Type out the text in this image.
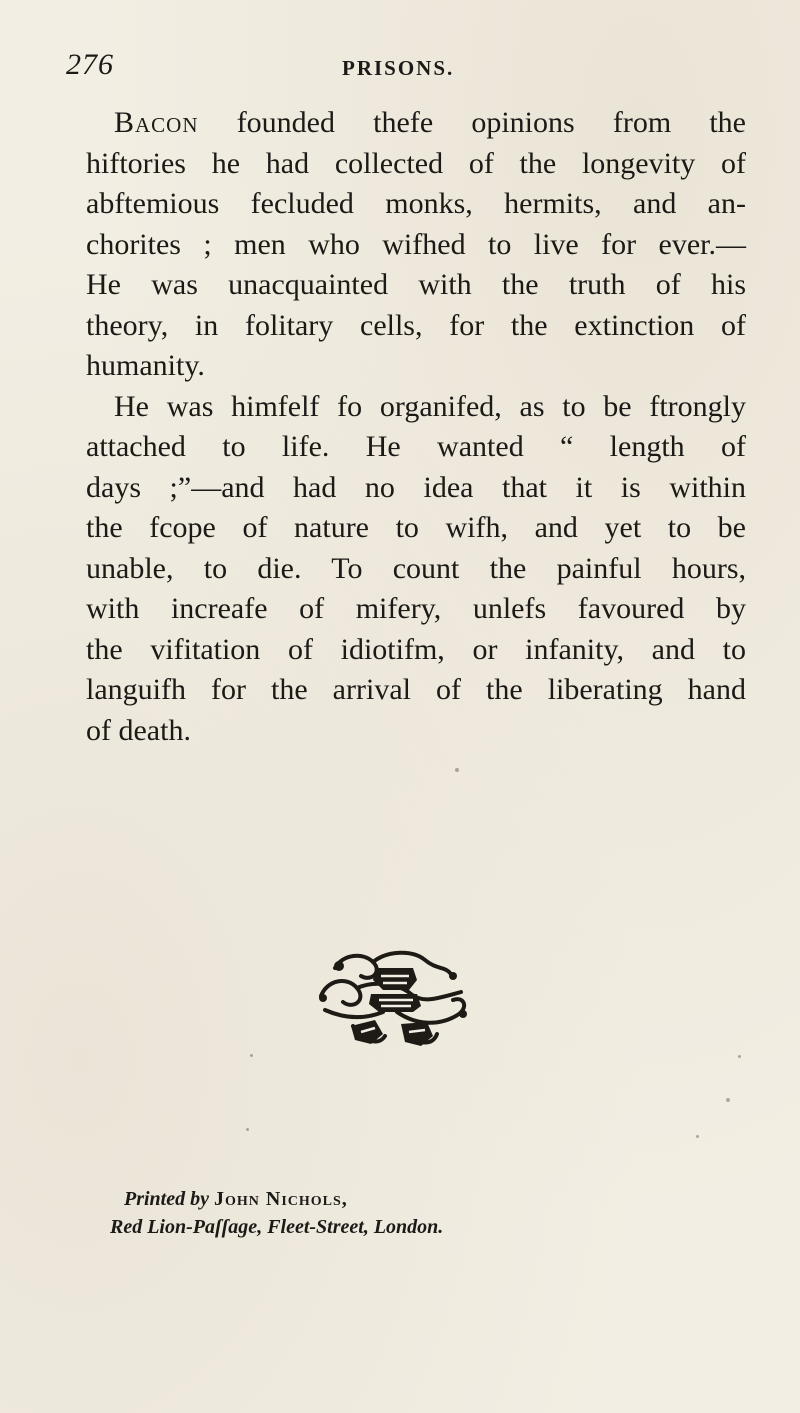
276	PRISONS.

Bacon founded thefe opinions from the
hiftories he had collected of the longevity of
abftemious fecluded monks, hermits, and an-
chorites ; men who wifhed to live for ever.—
He was unacquainted with the truth of his
theory, in folitary cells, for the extinction of
humanity.

He was himfelf fo organifed, as to be ftrongly
attached to life. He wanted “ length of
days ;”—and had no idea that it is within
the fcope of nature to wifh, and yet to be
unable, to die. To count the painful hours,
with increafe of mifery, unlefs favoured by
the vifitation of idiotifm, or infanity, and to
languifh for the arrival of the liberating hand
of death.

Printed by John Nichols,
Red Lion-Paſſage, Fleet-Street, London.
